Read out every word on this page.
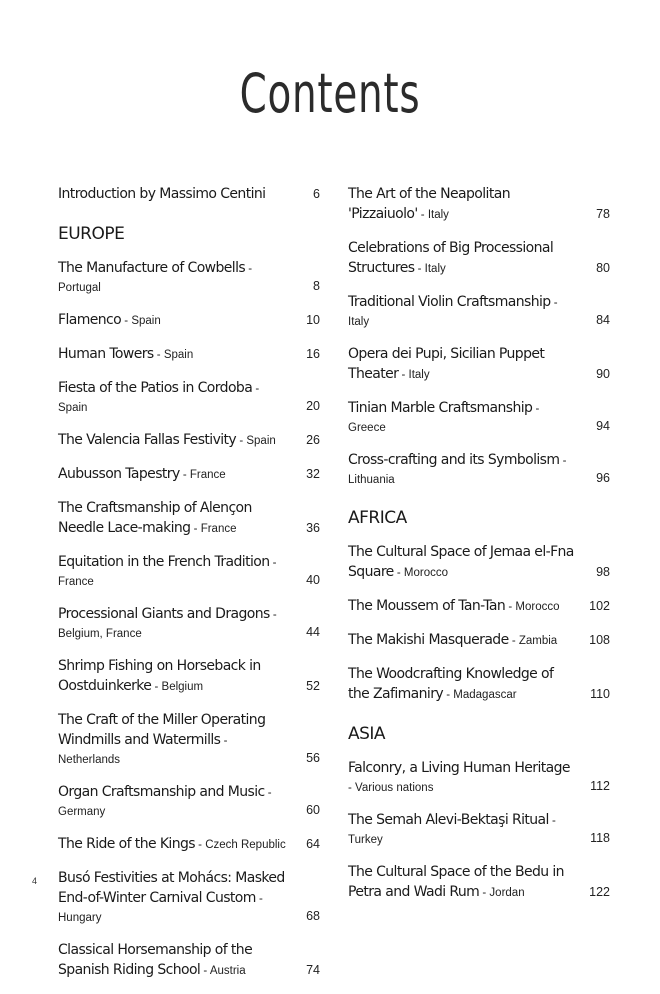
Contents
Introduction by Massimo Centini	6
EUROPE
The Manufacture of Cowbells - Portugal	8
Flamenco - Spain	10
Human Towers - Spain	16
Fiesta of the Patios in Cordoba - Spain	20
The Valencia Fallas Festivity - Spain 26
Aubusson Tapestry - France	32
The Craftsmanship of Alençon Needle Lace-making - France	36
Equitation in the French Tradition - France	40
Processional Giants and Dragons - Belgium, France	44
Shrimp Fishing on Horseback in Oostduinkerke - Belgium	52
The Craft of the Miller Operating Windmills and Watermills - Netherlands	56
Organ Craftsmanship and Music - Germany	60
The Ride of the Kings - Czech Republic 64
Busó Festivities at Mohács: Masked End-of-Winter Carnival Custom - Hungary	68
Classical Horsemanship of the Spanish Riding School - Austria	74
The Art of the Neapolitan 'Pizzaiuolo' - Italy	78
Celebrations of Big Processional Structures - Italy	80
Traditional Violin Craftsmanship - Italy	84
Opera dei Pupi, Sicilian Puppet Theater - Italy	90
Tinian Marble Craftsmanship - Greece	94
Cross-crafting and its Symbolism - Lithuania	96
AFRICA
The Cultural Space of Jemaa el-Fna Square - Morocco	98
The Moussem of Tan-Tan - Morocco 102
The Makishi Masquerade - Zambia	108
The Woodcrafting Knowledge of the Zafimaniry - Madagascar	110
ASIA
Falconry, a Living Human Heritage - Various nations	112
The Semah Alevi-Bektaşi Ritual - Turkey	118
The Cultural Space of the Bedu in Petra and Wadi Rum - Jordan	122
4
